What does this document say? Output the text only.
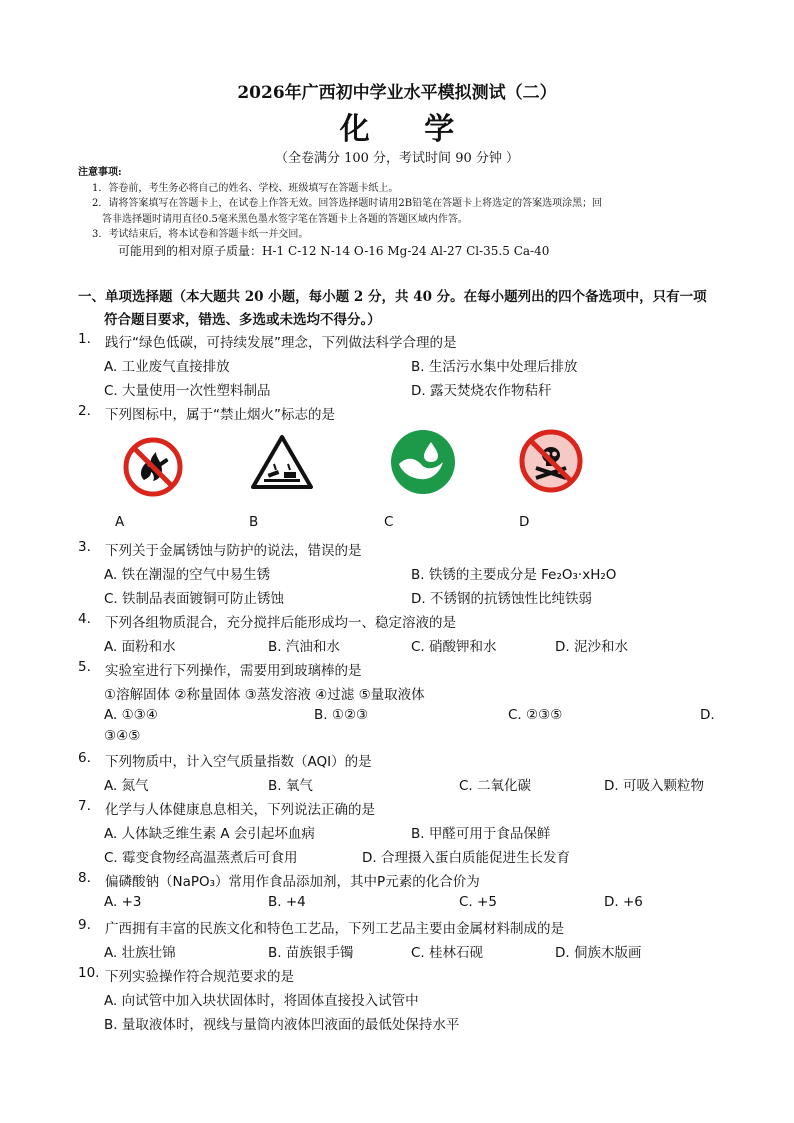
2026年广西初中学业水平模拟测试（二）
化 学
（全卷满分 100 分，考试时间 90 分钟 ）
注意事项:
1．答卷前，考生务必将自己的姓名、学校、班级填写在答题卡纸上。
2．请将答案填写在答题卡上，在试卷上作答无效。回答选择题时请用2B铅笔在答题卡上将选定的答案选项涂黑；回
答非选择题时请用直径0.5毫米黑色墨水签字笔在答题卡上各题的答题区域内作答。
3．考试结束后，将本试卷和答题卡纸一并交回。
可能用到的相对原子质量：H-1 C-12 N-14 O-16 Mg-24 Al-27 Cl-35.5 Ca-40
一、单项选择题（本大题共 20 小题，每小题 2 分，共 40 分。在每小题列出的四个备选项中，只有一项
符合题目要求，错选、多选或未选均不得分。）
1.	践行“绿色低碳，可持续发展”理念，下列做法科学合理的是
A. 工业废气直接排放	B. 生活污水集中处理后排放
C. 大量使用一次性塑料制品	D. 露天焚烧农作物秸秆
2.	下列图标中，属于“禁止烟火”标志的是
A	B	C	D
3.	下列关于金属锈蚀与防护的说法，错误的是
A. 铁在潮湿的空气中易生锈	B. 铁锈的主要成分是 Fe₂O₃·xH₂O
C. 铁制品表面镀铜可防止锈蚀	D. 不锈钢的抗锈蚀性比纯铁弱
4.	下列各组物质混合，充分搅拌后能形成均一、稳定溶液的是
A. 面粉和水	B. 汽油和水	C. 硝酸钾和水	D. 泥沙和水
5.	实验室进行下列操作，需要用到玻璃棒的是
①溶解固体 ②称量固体 ③蒸发溶液 ④过滤 ⑤量取液体
A. ①③④	B. ①②③	C. ②③⑤	D.
③④⑤
6.	下列物质中，计入空气质量指数（AQI）的是
A. 氮气	B. 氧气	C. 二氧化碳	D. 可吸入颗粒物
7.	化学与人体健康息息相关，下列说法正确的是
A. 人体缺乏维生素 A 会引起坏血病	B. 甲醛可用于食品保鲜
C. 霉变食物经高温蒸煮后可食用	D. 合理摄入蛋白质能促进生长发育
8.	偏磷酸钠（NaPO₃）常用作食品添加剂，其中P元素的化合价为
A. +3	B. +4	C. +5	D. +6
9.	广西拥有丰富的民族文化和特色工艺品，下列工艺品主要由金属材料制成的是
A. 壮族壮锦	B. 苗族银手镯	C. 桂林石砚	D. 侗族木版画
10. 下列实验操作符合规范要求的是
A. 向试管中加入块状固体时，将固体直接投入试管中
B. 量取液体时，视线与量筒内液体凹液面的最低处保持水平
